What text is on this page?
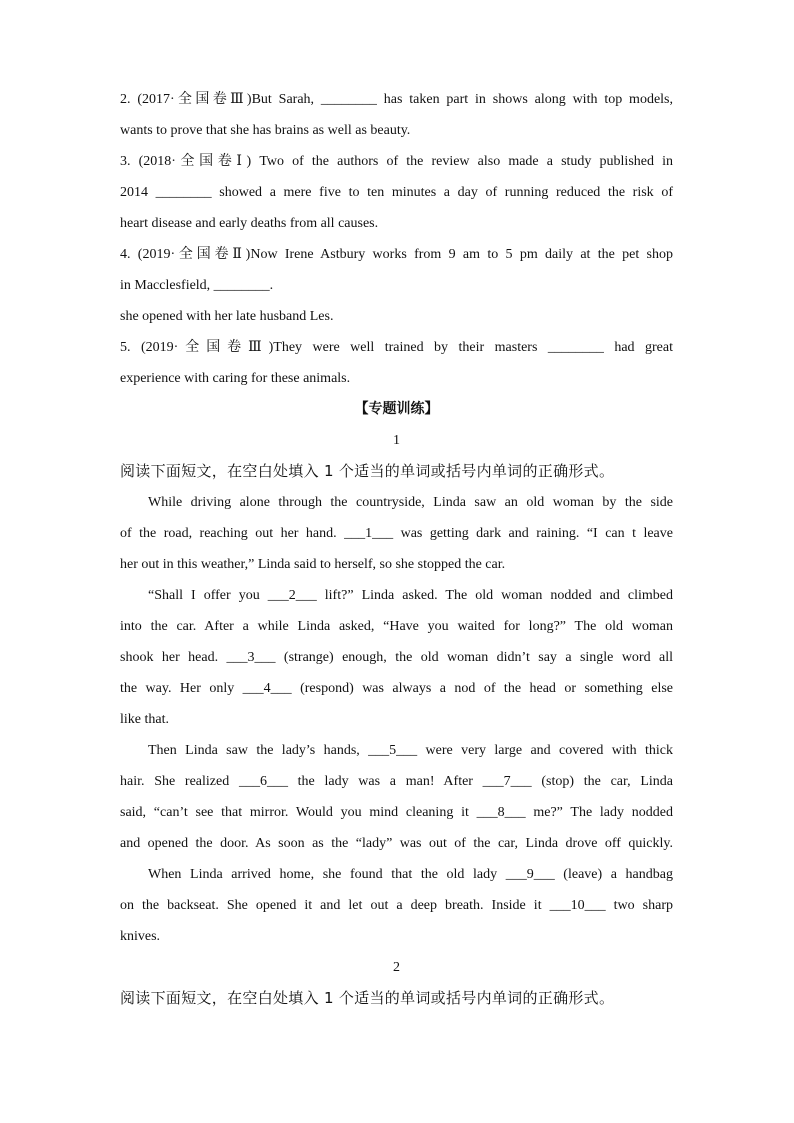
2. (2017·全国卷Ⅲ)But Sarah, ________ has taken part in shows along with top models,
wants to prove that she has brains as well as beauty.
3. (2018·全国卷Ⅰ) Two of the authors of the review also made a study published in
2014 ________ showed a mere five to ten minutes a day of running reduced the risk of
heart disease and early deaths from all causes.
4. (2019·全国卷Ⅱ)Now Irene Astbury works from 9 am to 5 pm daily at the pet shop
in Macclesfield, ________.
she opened with her late husband Les.
5. (2019·全国卷Ⅲ)They were well trained by their masters ________ had great
experience with caring for these animals.
【专题训练】
1
阅读下面短文，在空白处填入 1 个适当的单词或括号内单词的正确形式。
While driving alone through the countryside, Linda saw an old woman by the side
of the road, reaching out her hand. ___1___ was getting dark and raining. “I can t leave
her out in this weather,” Linda said to herself, so she stopped the car.
“Shall I offer you ___2___ lift?” Linda asked. The old woman nodded and climbed
into the car. After a while Linda asked, “Have you waited for long?” The old woman
shook her head. ___3___ (strange) enough, the old woman didn’t say a single word all
the way. Her only ___4___ (respond) was always a nod of the head or something else
like that.
Then Linda saw the lady’s hands, ___5___ were very large and covered with thick
hair. She realized ___6___ the lady was a man! After ___7___ (stop) the car, Linda
said, “can’t see that mirror. Would you mind cleaning it ___8___ me?” The lady nodded
and opened the door. As soon as the “lady” was out of the car, Linda drove off quickly.
When Linda arrived home, she found that the old lady ___9___ (leave) a handbag
on the backseat. She opened it and let out a deep breath. Inside it ___10___ two sharp
knives.
2
阅读下面短文，在空白处填入 1 个适当的单词或括号内单词的正确形式。
